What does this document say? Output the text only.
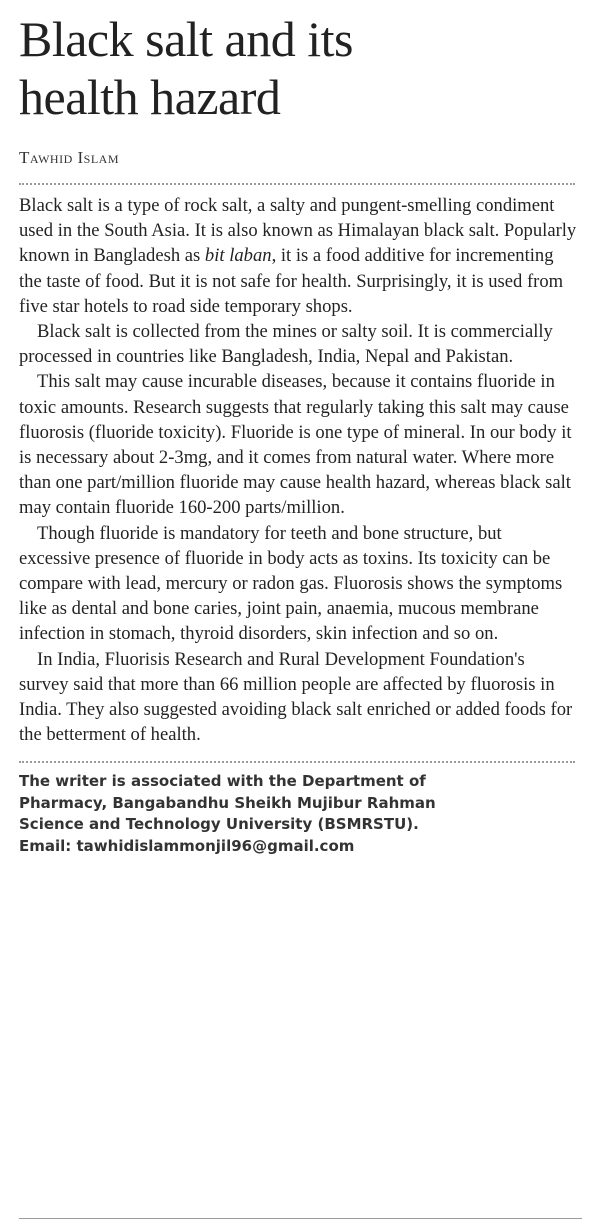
Black salt and its
health hazard
Tawhid Islam

Black salt is a type of rock salt, a salty and pungent-smelling condiment used in the South Asia. It is also known as Himalayan black salt. Popularly known in Bangladesh as bit laban, it is a food additive for incrementing the taste of food. But it is not safe for health. Surprisingly, it is used from five star hotels to road side temporary shops.

Black salt is collected from the mines or salty soil. It is commercially processed in countries like Bangladesh, India, Nepal and Pakistan.

This salt may cause incurable diseases, because it contains fluoride in toxic amounts. Research suggests that regularly taking this salt may cause fluorosis (fluoride toxicity). Fluoride is one type of mineral. In our body it is necessary about 2-3mg, and it comes from natural water. Where more than one part/million fluoride may cause health hazard, whereas black salt may contain fluoride 160-200 parts/million.

Though fluoride is mandatory for teeth and bone structure, but excessive presence of fluoride in body acts as toxins. Its toxicity can be compare with lead, mercury or radon gas. Fluorosis shows the symptoms like as dental and bone caries, joint pain, anaemia, mucous membrane infection in stomach, thyroid disorders, skin infection and so on.

In India, Fluorisis Research and Rural Development Foundation's survey said that more than 66 million people are affected by fluorosis in India. They also suggested avoiding black salt enriched or added foods for the betterment of health.

The writer is associated with the Department of
Pharmacy, Bangabandhu Sheikh Mujibur Rahman
Science and Technology University (BSMRSTU).
Email: tawhidislammonjil96@gmail.com
